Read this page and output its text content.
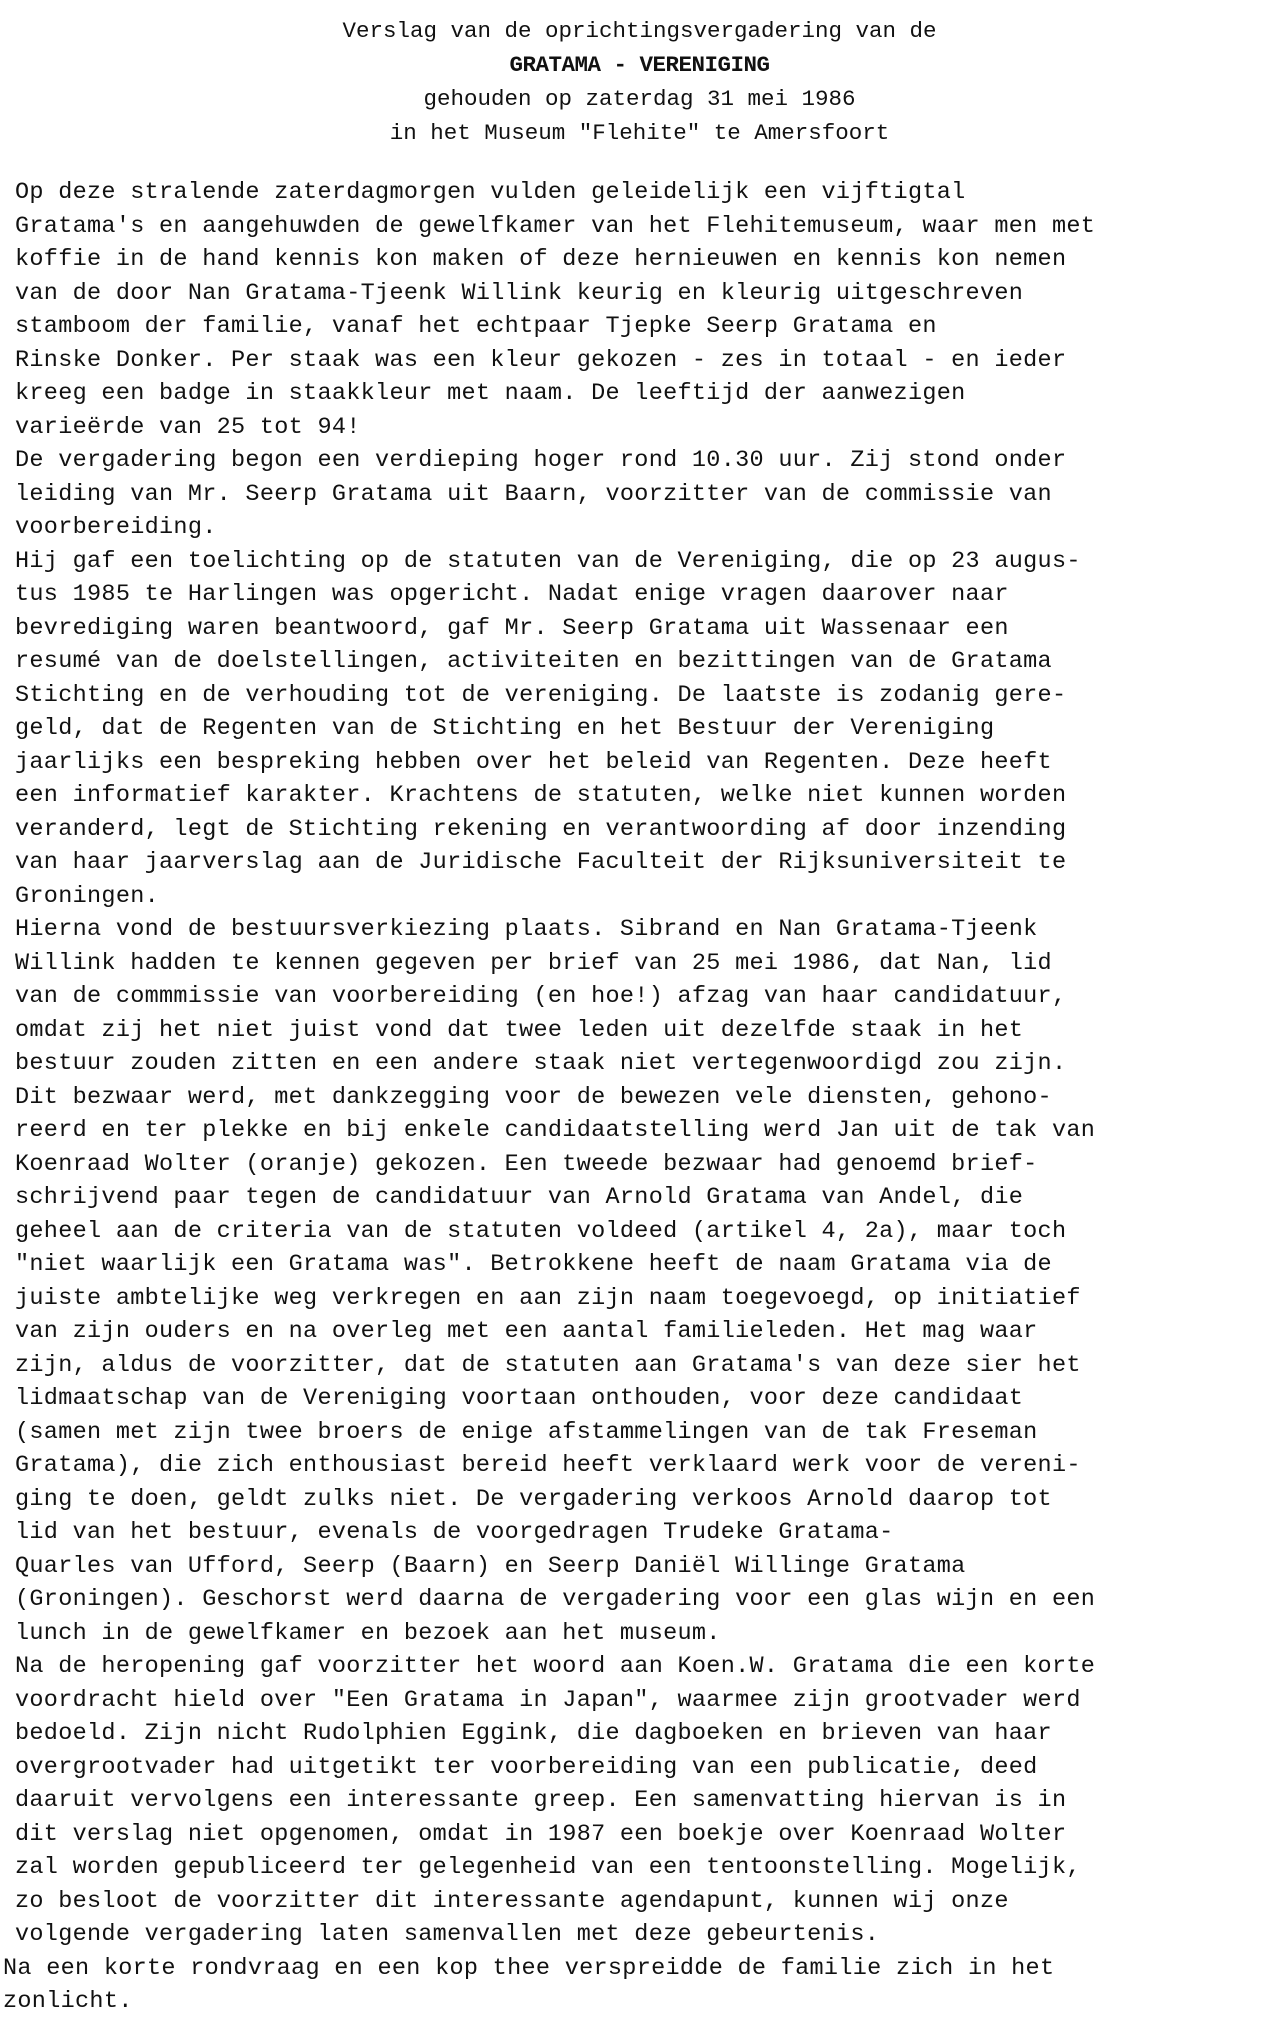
Verslag van de oprichtingsvergadering van de
GRATAMA - VERENIGING
gehouden op zaterdag 31 mei 1986
in het Museum "Flehite" te Amersfoort
Op deze stralende zaterdagmorgen vulden geleidelijk een vijftigtal
Gratama's en aangehuwden de gewelfkamer van het Flehitemuseum, waar men met
koffie in de hand kennis kon maken of deze hernieuwen en kennis kon nemen
van de door Nan Gratama-Tjeenk Willink keurig en kleurig uitgeschreven
stamboom der familie, vanaf het echtpaar Tjepke Seerp Gratama en
Rinske Donker. Per staak was een kleur gekozen - zes in totaal - en ieder
kreeg een badge in staakkleur met naam. De leeftijd der aanwezigen
varieërde van 25 tot 94!
De vergadering begon een verdieping hoger rond 10.30 uur. Zij stond onder
leiding van Mr. Seerp Gratama uit Baarn, voorzitter van de commissie van
voorbereiding.
Hij gaf een toelichting op de statuten van de Vereniging, die op 23 augus-
tus 1985 te Harlingen was opgericht. Nadat enige vragen daarover naar
bevrediging waren beantwoord, gaf Mr. Seerp Gratama uit Wassenaar een
resumé van de doelstellingen, activiteiten en bezittingen van de Gratama
Stichting en de verhouding tot de vereniging. De laatste is zodanig gere-
geld, dat de Regenten van de Stichting en het Bestuur der Vereniging
jaarlijks een bespreking hebben over het beleid van Regenten. Deze heeft
een informatief karakter. Krachtens de statuten, welke niet kunnen worden
veranderd, legt de Stichting rekening en verantwoording af door inzending
van haar jaarverslag aan de Juridische Faculteit der Rijksuniversiteit te
Groningen.
Hierna vond de bestuursverkiezing plaats. Sibrand en Nan Gratama-Tjeenk
Willink hadden te kennen gegeven per brief van 25 mei 1986, dat Nan, lid
van de commmissie van voorbereiding (en hoe!) afzag van haar candidatuur,
omdat zij het niet juist vond dat twee leden uit dezelfde staak in het
bestuur zouden zitten en een andere staak niet vertegenwoordigd zou zijn.
Dit bezwaar werd, met dankzegging voor de bewezen vele diensten, gehono-
reerd en ter plekke en bij enkele candidaatstelling werd Jan uit de tak van
Koenraad Wolter (oranje) gekozen. Een tweede bezwaar had genoemd brief-
schrijvend paar tegen de candidatuur van Arnold Gratama van Andel, die
geheel aan de criteria van de statuten voldeed (artikel 4, 2a), maar toch
"niet waarlijk een Gratama was". Betrokkene heeft de naam Gratama via de
juiste ambtelijke weg verkregen en aan zijn naam toegevoegd, op initiatief
van zijn ouders en na overleg met een aantal familieleden. Het mag waar
zijn, aldus de voorzitter, dat de statuten aan Gratama's van deze sier het
lidmaatschap van de Vereniging voortaan onthouden, voor deze candidaat
(samen met zijn twee broers de enige afstammelingen van de tak Freseman
Gratama), die zich enthousiast bereid heeft verklaard werk voor de vereni-
ging te doen, geldt zulks niet. De vergadering verkoos Arnold daarop tot
lid van het bestuur, evenals de voorgedragen Trudeke Gratama-
Quarles van Ufford, Seerp (Baarn) en Seerp Daniël Willinge Gratama
(Groningen). Geschorst werd daarna de vergadering voor een glas wijn en een
lunch in de gewelfkamer en bezoek aan het museum.
Na de heropening gaf voorzitter het woord aan Koen.W. Gratama die een korte
voordracht hield over "Een Gratama in Japan", waarmee zijn grootvader werd
bedoeld. Zijn nicht Rudolphien Eggink, die dagboeken en brieven van haar
overgrootvader had uitgetikt ter voorbereiding van een publicatie, deed
daaruit vervolgens een interessante greep. Een samenvatting hiervan is in
dit verslag niet opgenomen, omdat in 1987 een boekje over Koenraad Wolter
zal worden gepubliceerd ter gelegenheid van een tentoonstelling. Mogelijk,
zo besloot de voorzitter dit interessante agendapunt, kunnen wij onze
volgende vergadering laten samenvallen met deze gebeurtenis.
Na een korte rondvraag en een kop thee verspreidde de familie zich in het
zonlicht.
